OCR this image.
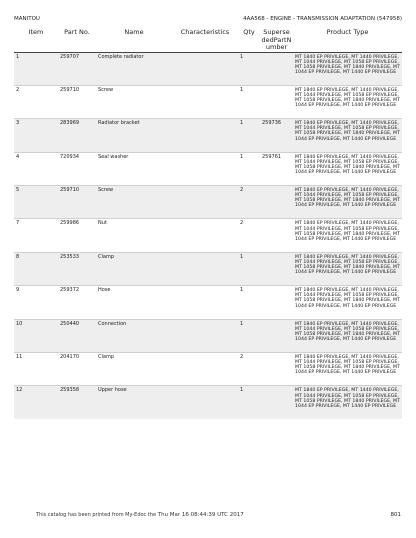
MANITOU	4AA568 - ENGINE - TRANSMISSION ADAPTATION (547958)
Item	Part No.	Name	Characteristics	Qty	Superse dedPartN umber	Product Type
1	259707	Complete radiator		1		MT 1840 EP PRIVILEGE, MT 1440 PRIVILEGE, MT 1044 PRIVILEGE, MT 1058 EP PRIVILEGE, MT 1058 PRIVILEGE, MT 1840 PRIVILEGE, MT 1044 EP PRIVILEGE, MT 1440 EP PRIVILEGE
2	259710	Screw		1		MT 1840 EP PRIVILEGE, MT 1440 PRIVILEGE, MT 1044 PRIVILEGE, MT 1058 EP PRIVILEGE, MT 1058 PRIVILEGE, MT 1840 PRIVILEGE, MT 1044 EP PRIVILEGE, MT 1440 EP PRIVILEGE
3	283969	Radiator bracket		1	259736	MT 1840 EP PRIVILEGE, MT 1440 PRIVILEGE, MT 1044 PRIVILEGE, MT 1058 EP PRIVILEGE, MT 1058 PRIVILEGE, MT 1840 PRIVILEGE, MT 1044 EP PRIVILEGE, MT 1440 EP PRIVILEGE
4	720934	Seal washer		1	259761	MT 1840 EP PRIVILEGE, MT 1440 PRIVILEGE, MT 1044 PRIVILEGE, MT 1058 EP PRIVILEGE, MT 1058 PRIVILEGE, MT 1840 PRIVILEGE, MT 1044 EP PRIVILEGE, MT 1440 EP PRIVILEGE
5	259710	Screw		2		MT 1840 EP PRIVILEGE, MT 1440 PRIVILEGE, MT 1044 PRIVILEGE, MT 1058 EP PRIVILEGE, MT 1058 PRIVILEGE, MT 1840 PRIVILEGE, MT 1044 EP PRIVILEGE, MT 1440 EP PRIVILEGE
7	259986	Nut		2		MT 1840 EP PRIVILEGE, MT 1440 PRIVILEGE, MT 1044 PRIVILEGE, MT 1058 EP PRIVILEGE, MT 1058 PRIVILEGE, MT 1840 PRIVILEGE, MT 1044 EP PRIVILEGE, MT 1440 EP PRIVILEGE
8	253533	Clamp		1		MT 1840 EP PRIVILEGE, MT 1440 PRIVILEGE, MT 1044 PRIVILEGE, MT 1058 EP PRIVILEGE, MT 1058 PRIVILEGE, MT 1840 PRIVILEGE, MT 1044 EP PRIVILEGE, MT 1440 EP PRIVILEGE
9	259372	Hose		1		MT 1840 EP PRIVILEGE, MT 1440 PRIVILEGE, MT 1044 PRIVILEGE, MT 1058 EP PRIVILEGE, MT 1058 PRIVILEGE, MT 1840 PRIVILEGE, MT 1044 EP PRIVILEGE, MT 1440 EP PRIVILEGE
10	250440	Connection		1		MT 1840 EP PRIVILEGE, MT 1440 PRIVILEGE, MT 1044 PRIVILEGE, MT 1058 EP PRIVILEGE, MT 1058 PRIVILEGE, MT 1840 PRIVILEGE, MT 1044 EP PRIVILEGE, MT 1440 EP PRIVILEGE
11	204170	Clamp		2		MT 1840 EP PRIVILEGE, MT 1440 PRIVILEGE, MT 1044 PRIVILEGE, MT 1058 EP PRIVILEGE, MT 1058 PRIVILEGE, MT 1840 PRIVILEGE, MT 1044 EP PRIVILEGE, MT 1440 EP PRIVILEGE
12	259358	Upper hose		1		MT 1840 EP PRIVILEGE, MT 1440 PRIVILEGE, MT 1044 PRIVILEGE, MT 1058 EP PRIVILEGE, MT 1058 PRIVILEGE, MT 1840 PRIVILEGE, MT 1044 EP PRIVILEGE, MT 1440 EP PRIVILEGE
This catalog has been printed from My-Edoc the Thu Mar 16 08:44:39 UTC 2017	801
